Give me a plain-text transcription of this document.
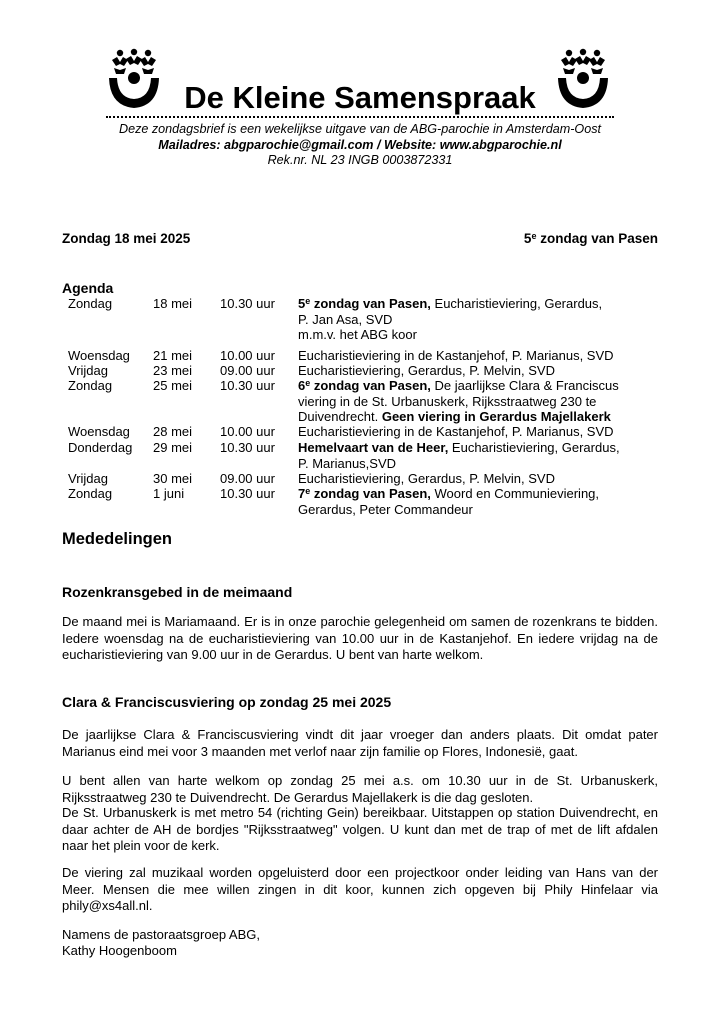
De Kleine Samenspraak
Deze zondagsbrief is een wekelijkse uitgave van de ABG-parochie in Amsterdam-Oost
Mailadres: abgparochie@gmail.com / Website: www.abgparochie.nl
Rek.nr. NL 23 INGB 0003872331
Zondag 18 mei 2025	5e zondag van Pasen
Agenda
Zondag	18 mei 10.30 uur 5e zondag van Pasen, Eucharistieviering, Gerardus,
P. Jan Asa, SVD
m.m.v. het ABG koor
Woensdag 21 mei 10.00 uur Eucharistieviering in de Kastanjehof, P. Marianus, SVD
Vrijdag	23 mei 09.00 uur Eucharistieviering, Gerardus, P. Melvin, SVD
Zondag	25 mei 10.30 uur 6e zondag van Pasen, De jaarlijkse Clara & Franciscus
viering in de St. Urbanuskerk, Rijksstraatweg 230 te
Duivendrecht. Geen viering in Gerardus Majellakerk
Woensdag 28 mei 10.00 uur Eucharistieviering in de Kastanjehof, P. Marianus, SVD
Donderdag 29 mei 10.30 uur Hemelvaart van de Heer, Eucharistieviering, Gerardus,
P. Marianus,SVD
Vrijdag	30 mei 09.00 uur Eucharistieviering, Gerardus, P. Melvin, SVD
Zondag	1 juni	10.30 uur 7e zondag van Pasen, Woord en Communieviering,
Gerardus, Peter Commandeur
Mededelingen
Rozenkransgebed in de meimaand
De maand mei is Mariamaand. Er is in onze parochie gelegenheid om samen de rozenkrans te bidden. Iedere woensdag na de eucharistieviering van 10.00 uur in de Kastanjehof. En iedere vrijdag na de eucharistieviering van 9.00 uur in de Gerardus. U bent van harte welkom.
Clara & Franciscusviering op zondag 25 mei 2025
De jaarlijkse Clara & Franciscusviering vindt dit jaar vroeger dan anders plaats. Dit omdat pater Marianus eind mei voor 3 maanden met verlof naar zijn familie op Flores, Indonesië, gaat.
U bent allen van harte welkom op zondag 25 mei a.s. om 10.30 uur in de St. Urbanuskerk, Rijksstraatweg 230 te Duivendrecht. De Gerardus Majellakerk is die dag gesloten.
De St. Urbanuskerk is met metro 54 (richting Gein) bereikbaar. Uitstappen op station Duivendrecht, en daar achter de AH de bordjes "Rijksstraatweg" volgen. U kunt dan met de trap of met de lift afdalen naar het plein voor de kerk.
De viering zal muzikaal worden opgeluisterd door een projectkoor onder leiding van Hans van der Meer. Mensen die mee willen zingen in dit koor, kunnen zich opgeven bij Phily Hinfelaar via phily@xs4all.nl.
Namens de pastoraatsgroep ABG,
Kathy Hoogenboom
